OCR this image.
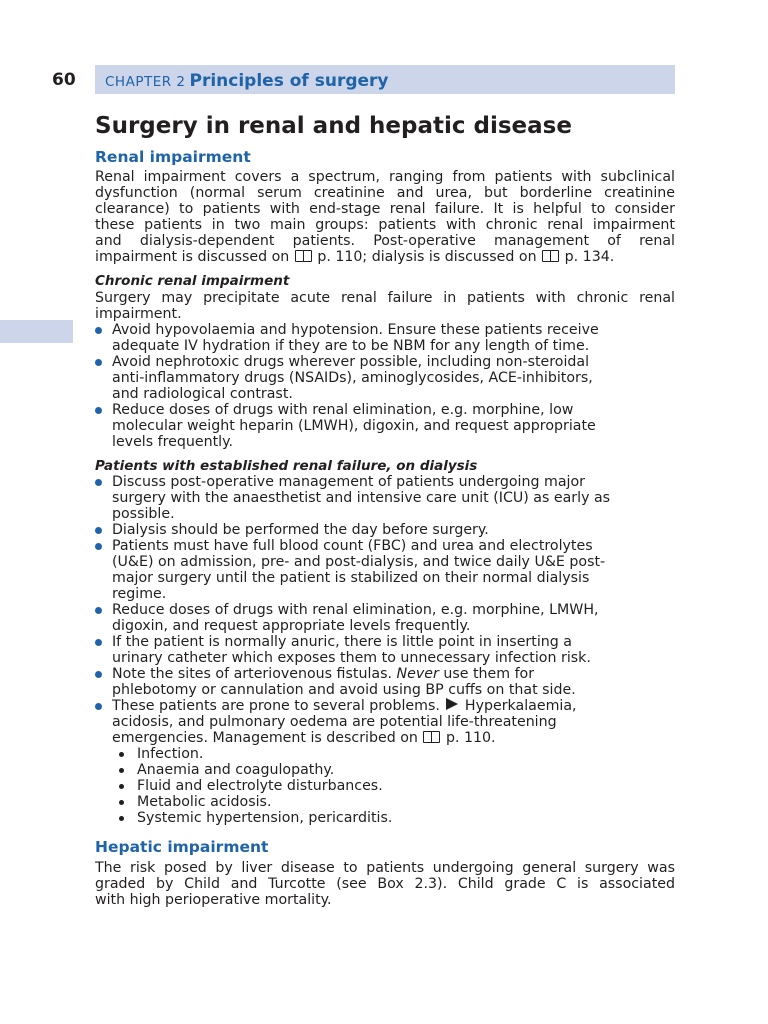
60 CHAPTER 2 Principles of surgery
Surgery in renal and hepatic disease
Renal impairment
Renal impairment covers a spectrum, ranging from patients with subclinical
dysfunction (normal serum creatinine and urea, but borderline creatinine
clearance) to patients with end-stage renal failure. It is helpful to consider
these patients in two main groups: patients with chronic renal impairment
and dialysis-dependent patients. Post-operative management of renal
impairment is discussed on p. 110; dialysis is discussed on p. 134.
Chronic renal impairment
Surgery may precipitate acute renal failure in patients with chronic renal
impairment.
Avoid hypovolaemia and hypotension. Ensure these patients receive
adequate IV hydration if they are to be NBM for any length of time.
Avoid nephrotoxic drugs wherever possible, including non-steroidal
anti-inflammatory drugs (NSAIDs), aminoglycosides, ACE-inhibitors,
and radiological contrast.
Reduce doses of drugs with renal elimination, e.g. morphine, low
molecular weight heparin (LMWH), digoxin, and request appropriate
levels frequently.
Patients with established renal failure, on dialysis
Discuss post-operative management of patients undergoing major
surgery with the anaesthetist and intensive care unit (ICU) as early as
possible.
Dialysis should be performed the day before surgery.
Patients must have full blood count (FBC) and urea and electrolytes
(U&E) on admission, pre- and post-dialysis, and twice daily U&E post-
major surgery until the patient is stabilized on their normal dialysis
regime.
Reduce doses of drugs with renal elimination, e.g. morphine, LMWH,
digoxin, and request appropriate levels frequently.
If the patient is normally anuric, there is little point in inserting a
urinary catheter which exposes them to unnecessary infection risk.
Note the sites of arteriovenous fistulas. Never use them for
phlebotomy or cannulation and avoid using BP cuffs on that side.
These patients are prone to several problems. Hyperkalaemia,
acidosis, and pulmonary oedema are potential life-threatening
emergencies. Management is described on p. 110.
Infection.
Anaemia and coagulopathy.
Fluid and electrolyte disturbances.
Metabolic acidosis.
Systemic hypertension, pericarditis.
Hepatic impairment
The risk posed by liver disease to patients undergoing general surgery was
graded by Child and Turcotte (see Box 2.3). Child grade C is associated
with high perioperative mortality.
